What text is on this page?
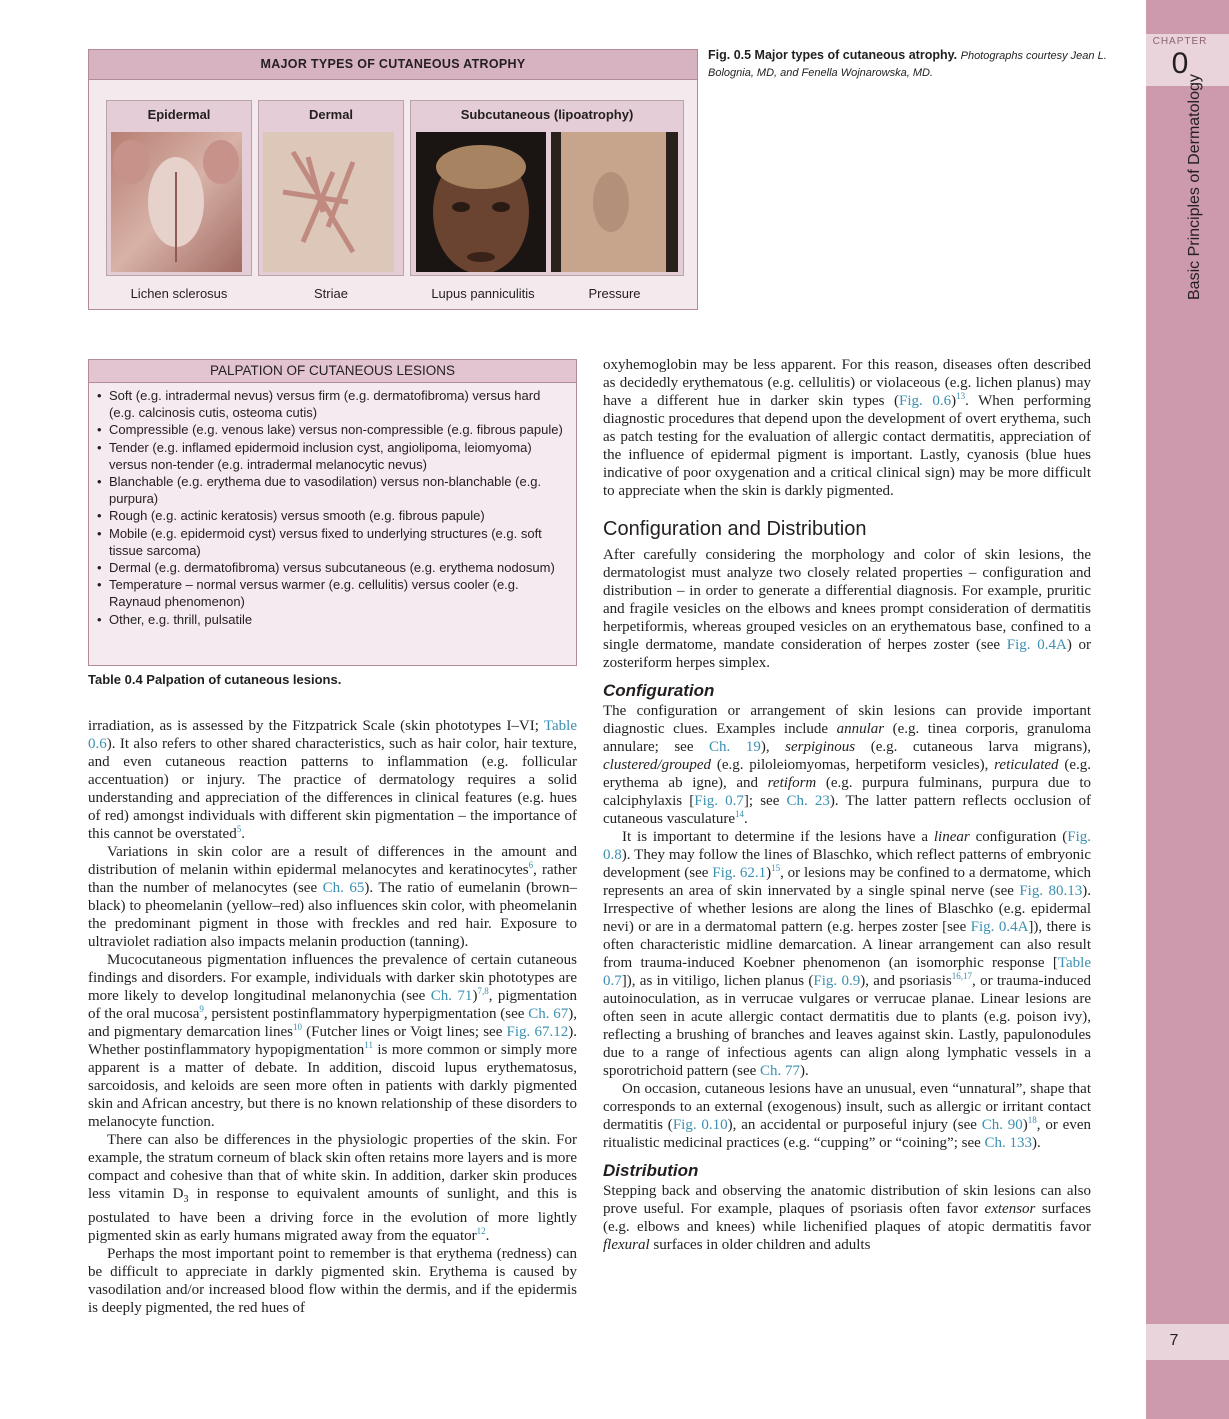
CHAPTER
0
Basic Principles of Dermatology
7
MAJOR TYPES OF CUTANEOUS ATROPHY
Epidermal	Dermal	Subcutaneous (lipoatrophy)
Lichen sclerosus	Striae	Lupus panniculitis	Pressure
Fig. 0.5 Major types of cutaneous atrophy. Photographs courtesy Jean L. Bolognia, MD, and Fenella Wojnarowska, MD.
PALPATION OF CUTANEOUS LESIONS
• Soft (e.g. intradermal nevus) versus firm (e.g. dermatofibroma) versus hard (e.g. calcinosis cutis, osteoma cutis)
• Compressible (e.g. venous lake) versus non-compressible (e.g. fibrous papule)
• Tender (e.g. inflamed epidermoid inclusion cyst, angiolipoma, leiomyoma) versus non-tender (e.g. intradermal melanocytic nevus)
• Blanchable (e.g. erythema due to vasodilation) versus non-blanchable (e.g. purpura)
• Rough (e.g. actinic keratosis) versus smooth (e.g. fibrous papule)
• Mobile (e.g. epidermoid cyst) versus fixed to underlying structures (e.g. soft tissue sarcoma)
• Dermal (e.g. dermatofibroma) versus subcutaneous (e.g. erythema nodosum)
• Temperature – normal versus warmer (e.g. cellulitis) versus cooler (e.g. Raynaud phenomenon)
• Other, e.g. thrill, pulsatile
Table 0.4 Palpation of cutaneous lesions.

irradiation, as is assessed by the Fitzpatrick Scale (skin phototypes I–VI; Table 0.6). It also refers to other shared characteristics, such as hair color, hair texture, and even cutaneous reaction patterns to inflammation (e.g. follicular accentuation) or injury. The practice of dermatology requires a solid understanding and appreciation of the differences in clinical features (e.g. hues of red) amongst individuals with different skin pigmentation – the importance of this cannot be overstated$^5$.

Variations in skin color are a result of differences in the amount and distribution of melanin within epidermal melanocytes and keratinocytes$^6$, rather than the number of melanocytes (see Ch. 65). The ratio of eumelanin (brown–black) to pheomelanin (yellow–red) also influences skin color, with pheomelanin the predominant pigment in those with freckles and red hair. Exposure to ultraviolet radiation also impacts melanin production (tanning).

Mucocutaneous pigmentation influences the prevalence of certain cutaneous findings and disorders. For example, individuals with darker skin phototypes are more likely to develop longitudinal melanonychia (see Ch. 71)$^{7,8}$, pigmentation of the oral mucosa$^9$, persistent postinflammatory hyperpigmentation (see Ch. 67), and pigmentary demarcation lines$^{10}$ (Futcher lines or Voigt lines; see Fig. 67.12). Whether postinflammatory hypopigmentation$^{11}$ is more common or simply more apparent is a matter of debate. In addition, discoid lupus erythematosus, sarcoidosis, and keloids are seen more often in patients with darkly pigmented skin and African ancestry, but there is no known relationship of these disorders to melanocyte function.

There can also be differences in the physiologic properties of the skin. For example, the stratum corneum of black skin often retains more layers and is more compact and cohesive than that of white skin. In addition, darker skin produces less vitamin $D_3$ in response to equivalent amounts of sunlight, and this is postulated to have been a driving force in the evolution of more lightly pigmented skin as early humans migrated away from the equator$^{12}$.

Perhaps the most important point to remember is that erythema (redness) can be difficult to appreciate in darkly pigmented skin. Erythema is caused by vasodilation and/or increased blood flow within the dermis, and if the epidermis is deeply pigmented, the red hues of

oxyhemoglobin may be less apparent. For this reason, diseases often described as decidedly erythematous (e.g. cellulitis) or violaceous (e.g. lichen planus) may have a different hue in darker skin types (Fig. 0.6)$^{13}$. When performing diagnostic procedures that depend upon the development of overt erythema, such as patch testing for the evaluation of allergic contact dermatitis, appreciation of the influence of epidermal pigment is important. Lastly, cyanosis (blue hues indicative of poor oxygenation and a critical clinical sign) may be more difficult to appreciate when the skin is darkly pigmented.

Configuration and Distribution

After carefully considering the morphology and color of skin lesions, the dermatologist must analyze two closely related properties – configuration and distribution – in order to generate a differential diagnosis. For example, pruritic and fragile vesicles on the elbows and knees prompt consideration of dermatitis herpetiformis, whereas grouped vesicles on an erythematous base, confined to a single dermatome, mandate consideration of herpes zoster (see Fig. 0.4A) or zosteriform herpes simplex.

Configuration

The configuration or arrangement of skin lesions can provide important diagnostic clues. Examples include annular (e.g. tinea corporis, granuloma annulare; see Ch. 19), serpiginous (e.g. cutaneous larva migrans), clustered/grouped (e.g. piloleiomyomas, herpetiform vesicles), reticulated (e.g. erythema ab igne), and retiform (e.g. purpura fulminans, purpura due to calciphylaxis [Fig. 0.7]; see Ch. 23). The latter pattern reflects occlusion of cutaneous vasculature$^{14}$.

It is important to determine if the lesions have a linear configuration (Fig. 0.8). They may follow the lines of Blaschko, which reflect patterns of embryonic development (see Fig. 62.1)$^{15}$, or lesions may be confined to a dermatome, which represents an area of skin innervated by a single spinal nerve (see Fig. 80.13). Irrespective of whether lesions are along the lines of Blaschko (e.g. epidermal nevi) or are in a dermatomal pattern (e.g. herpes zoster [see Fig. 0.4A]), there is often characteristic midline demarcation. A linear arrangement can also result from trauma-induced Koebner phenomenon (an isomorphic response [Table 0.7]), as in vitiligo, lichen planus (Fig. 0.9), and psoriasis$^{16,17}$, or trauma-induced autoinoculation, as in verrucae vulgares or verrucae planae. Linear lesions are often seen in acute allergic contact dermatitis due to plants (e.g. poison ivy), reflecting a brushing of branches and leaves against skin. Lastly, papulonodules due to a range of infectious agents can align along lymphatic vessels in a sporotrichoid pattern (see Ch. 77).

On occasion, cutaneous lesions have an unusual, even “unnatural”, shape that corresponds to an external (exogenous) insult, such as allergic or irritant contact dermatitis (Fig. 0.10), an accidental or purposeful injury (see Ch. 90)$^{18}$, or even ritualistic medicinal practices (e.g. “cupping” or “coining”; see Ch. 133).

Distribution

Stepping back and observing the anatomic distribution of skin lesions can also prove useful. For example, plaques of psoriasis often favor extensor surfaces (e.g. elbows and knees) while lichenified plaques of atopic dermatitis favor flexural surfaces in older children and adults
